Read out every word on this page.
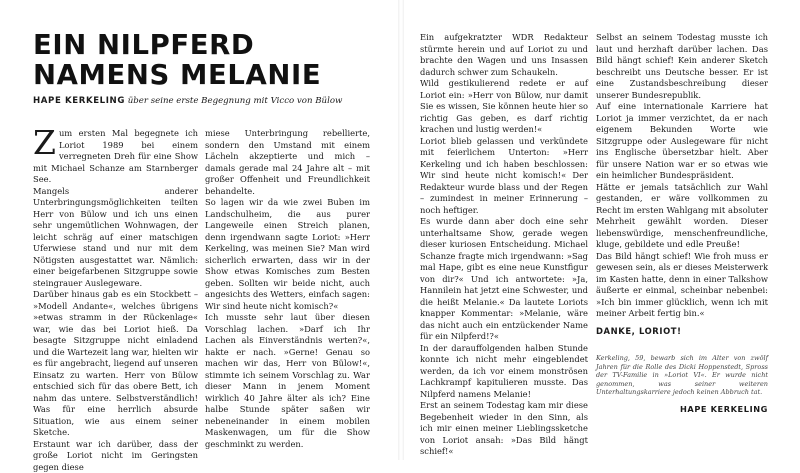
EIN NILPFERD NAMENS MELANIE
HAPE KERKELING über seine erste Begegnung mit Vicco von Bülow

Zum ersten Mal begegnete ich Loriot 1989 bei einem verregneten Dreh für eine Show mit Michael Schanze am Starnberger See.

Mangels anderer Unterbringungsmöglichkeiten teilten Herr von Bülow und ich uns einen sehr ungemütlichen Wohnwagen, der leicht schräg auf einer matschigen Uferwiese stand und nur mit dem Nötigsten ausgestattet war. Nämlich: einer beigefarbenen Sitzgruppe sowie steingrauer Auslegeware.

Darüber hinaus gab es ein Stockbett – »Modell Andante«, welches übrigens »etwas stramm in der Rückenlage« war, wie das bei Loriot hieß. Da besagte Sitzgruppe nicht einladend und die Wartezeit lang war, hielten wir es für angebracht, liegend auf unseren Einsatz zu warten. Herr von Bülow entschied sich für das obere Bett, ich nahm das untere. Selbstverständlich! Was für eine herrlich absurde Situation, wie aus einem seiner Sketche.

Erstaunt war ich darüber, dass der große Loriot nicht im Geringsten gegen diese

miese Unterbringung rebellierte, sondern den Umstand mit einem Lächeln akzeptierte und mich – damals gerade mal 24 Jahre alt – mit großer Offenheit und Freundlichkeit behandelte.

So lagen wir da wie zwei Buben im Landschulheim, die aus purer Langeweile einen Streich planen, denn irgendwann sagte Loriot: »Herr Kerkeling, was meinen Sie? Man wird sicherlich erwarten, dass wir in der Show etwas Komisches zum Besten geben. Sollten wir beide nicht, auch angesichts des Wetters, einfach sagen: Wir sind heute nicht komisch?«

Ich musste sehr laut über diesen Vorschlag lachen. »Darf ich Ihr Lachen als Einverständnis werten?«, hakte er nach. »Gerne! Genau so machen wir das, Herr von Bülow!«, stimmte ich seinem Vorschlag zu. War dieser Mann in jenem Moment wirklich 40 Jahre älter als ich? Eine halbe Stunde später saßen wir nebeneinander in einem mobilen Maskenwagen, um für die Show geschminkt zu werden.

Ein aufgekratzter WDR Redakteur stürmte herein und auf Loriot zu und brachte den Wagen und uns Insassen dadurch schwer zum Schaukeln.

Wild gestikulierend redete er auf Loriot ein: »Herr von Bülow, nur damit Sie es wissen, Sie können heute hier so richtig Gas geben, es darf richtig krachen und lustig werden!«

Loriot blieb gelassen und verkündete mit feierlichem Unterton: »Herr Kerkeling und ich haben beschlossen: Wir sind heute nicht komisch!« Der Redakteur wurde blass und der Regen – zumindest in meiner Erinnerung – noch heftiger.

Es wurde dann aber doch eine sehr unterhaltsame Show, gerade wegen dieser kuriosen Entscheidung. Michael Schanze fragte mich irgendwann: »Sag mal Hape, gibt es eine neue Kunstfigur von dir?« Und ich antwortete: »Ja, Hannilein hat jetzt eine Schwester, und die heißt Melanie.« Da lautete Loriots knapper Kommentar: »Melanie, wäre das nicht auch ein entzückender Name für ein Nilpferd!?«

In der darauffolgenden halben Stunde konnte ich nicht mehr eingeblendet werden, da ich vor einem monströsen Lachkrampf kapitulieren musste. Das Nilpferd namens Melanie!

Erst an seinem Todestag kam mir diese Begebenheit wieder in den Sinn, als ich mir einen meiner Lieblingssketche von Loriot ansah: »Das Bild hängt schief!«

Selbst an seinem Todestag musste ich laut und herzhaft darüber lachen. Das Bild hängt schief! Kein anderer Sketch beschreibt uns Deutsche besser. Er ist eine Zustandsbeschreibung dieser unserer Bundesrepublik.

Auf eine internationale Karriere hat Loriot ja immer verzichtet, da er nach eigenem Bekunden Worte wie Sitzgruppe oder Auslegeware für nicht ins Englische übersetzbar hielt. Aber für unsere Nation war er so etwas wie ein heimlicher Bundespräsident.

Hätte er jemals tatsächlich zur Wahl gestanden, er wäre vollkommen zu Recht im ersten Wahlgang mit absoluter Mehrheit gewählt worden. Dieser liebenswürdige, menschenfreundliche, kluge, gebildete und edle Preuße!

Das Bild hängt schief! Wie froh muss er gewesen sein, als er dieses Meisterwerk im Kasten hatte, denn in einer Talkshow äußerte er einmal, scheinbar nebenbei: »Ich bin immer glücklich, wenn ich mit meiner Arbeit fertig bin.«

DANKE, LORIOT!

Kerkeling, 59, bewarb sich im Alter von zwölf Jahren für die Rolle des Dicki Hoppenstedt, Spross der TV-Familie in »Loriot VI«. Er wurde nicht genommen, was seiner weiteren Unterhaltungskarriere jedoch keinen Abbruch tat.
HAPE KERKELING
